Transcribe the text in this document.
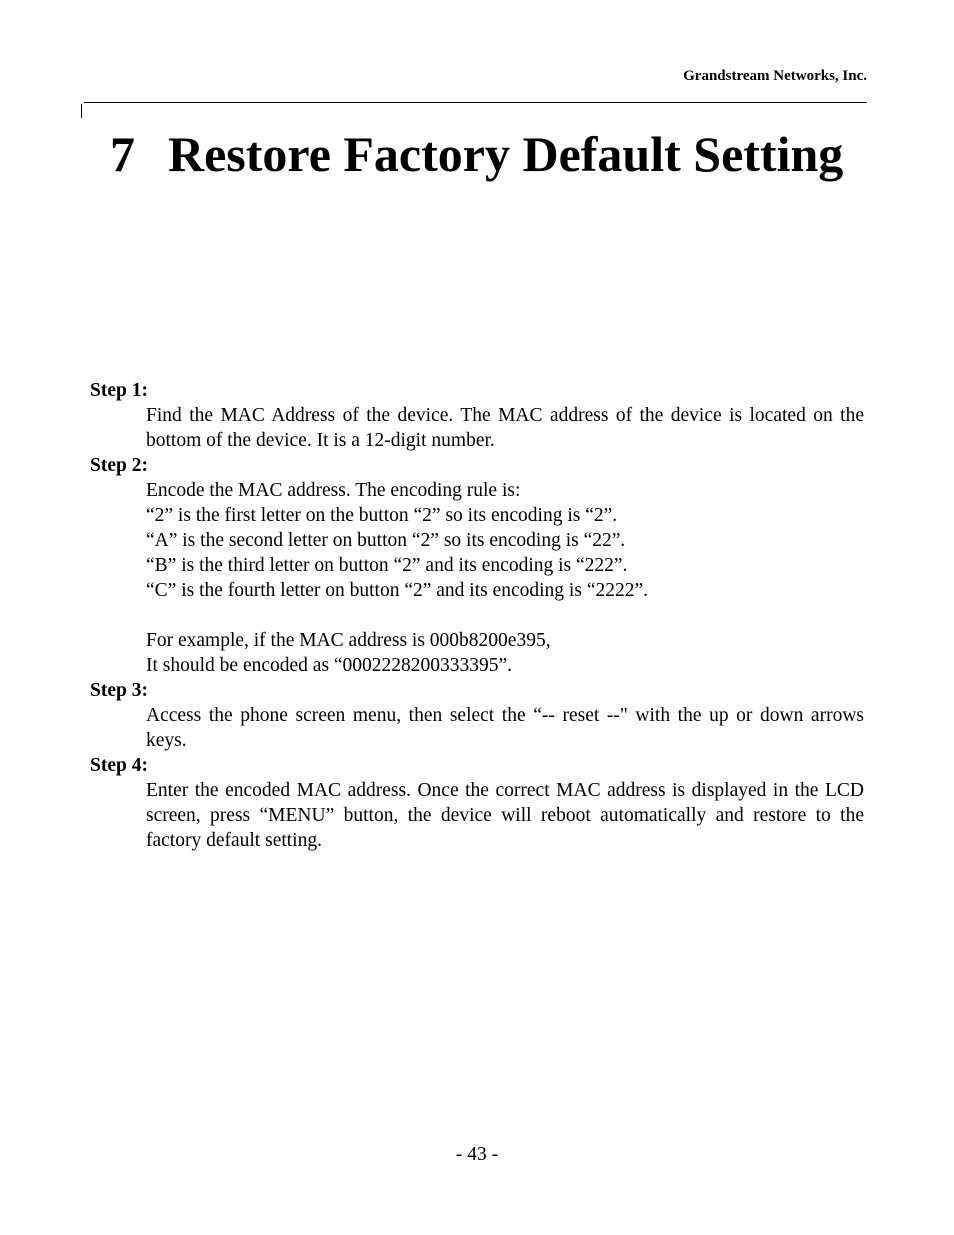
Grandstream Networks, Inc.
7 Restore Factory Default Setting
Step 1:
Find the MAC Address of the device. The MAC address of the device is located on the bottom of the device. It is a 12-digit number.
Step 2:
Encode the MAC address. The encoding rule is:
“2” is the first letter on the button “2” so its encoding is “2”.
“A” is the second letter on button “2” so its encoding is “22”.
“B” is the third letter on button “2” and its encoding is “222”.
“C” is the fourth letter on button “2” and its encoding is “2222”.
For example, if the MAC address is 000b8200e395,
It should be encoded as “0002228200333395”.
Step 3:
Access the phone screen menu, then select the “-- reset --" with the up or down arrows keys.
Step 4:
Enter the encoded MAC address. Once the correct MAC address is displayed in the LCD screen, press “MENU” button, the device will reboot automatically and restore to the factory default setting.
- 43 -
